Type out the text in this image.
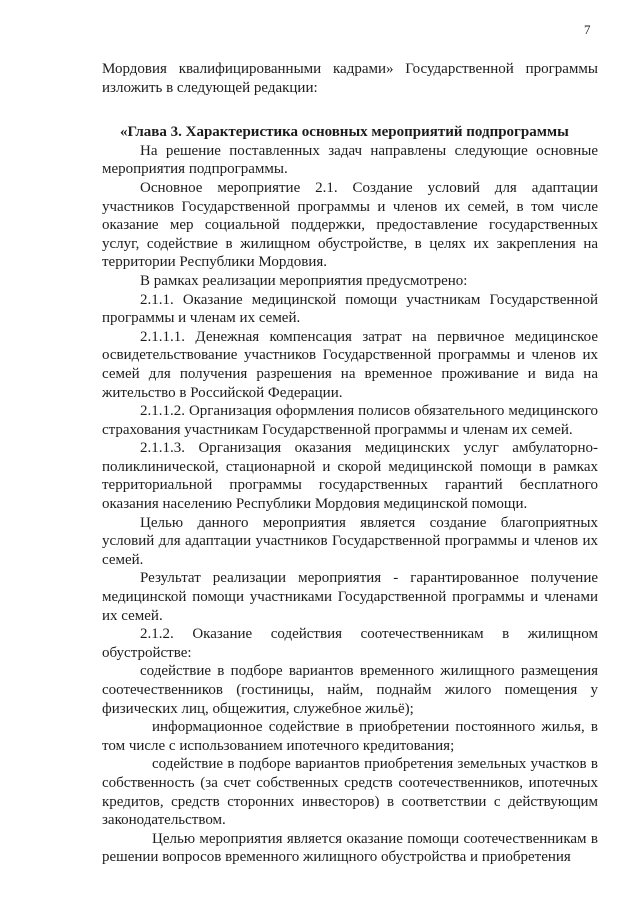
7

Мордовия квалифицированными кадрами» Государственной программы изложить в следующей редакции:

«Глава 3. Характеристика основных мероприятий подпрограммы

На решение поставленных задач направлены следующие основные мероприятия подпрограммы.

Основное мероприятие 2.1. Создание условий для адаптации участников Государственной программы и членов их семей, в том числе оказание мер социальной поддержки, предоставление государственных услуг, содействие в жилищном обустройстве, в целях их закрепления на территории Республики Мордовия.

В рамках реализации мероприятия предусмотрено:

2.1.1. Оказание медицинской помощи участникам Государственной программы и членам их семей.

2.1.1.1. Денежная компенсация затрат на первичное медицинское освидетельствование участников Государственной программы и членов их семей для получения разрешения на временное проживание и вида на жительство в Российской Федерации.

2.1.1.2. Организация оформления полисов обязательного медицинского страхования участникам Государственной программы и членам их семей.

2.1.1.3. Организация оказания медицинских услуг амбулаторно-поликлинической, стационарной и скорой медицинской помощи в рамках территориальной программы государственных гарантий бесплатного оказания населению Республики Мордовия медицинской помощи.

Целью данного мероприятия является создание благоприятных условий для адаптации участников Государственной программы и членов их семей.

Результат реализации мероприятия - гарантированное получение медицинской помощи участниками Государственной программы и членами их семей.

2.1.2. Оказание содействия соотечественникам в жилищном обустройстве:

содействие в подборе вариантов временного жилищного размещения соотечественников (гостиницы, найм, поднайм жилого помещения у физических лиц, общежития, служебное жильё);

информационное содействие в приобретении постоянного жилья, в том числе с использованием ипотечного кредитования;

содействие в подборе вариантов приобретения земельных участков в собственность (за счет собственных средств соотечественников, ипотечных кредитов, средств сторонних инвесторов) в соответствии с действующим законодательством.

Целью мероприятия является оказание помощи соотечественникам в решении вопросов временного жилищного обустройства и приобретения
